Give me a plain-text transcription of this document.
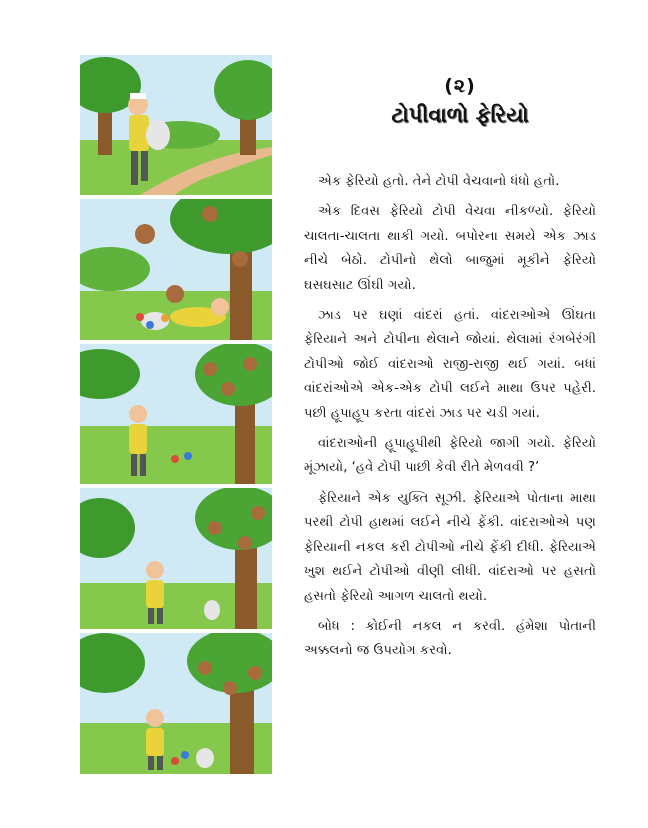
(૨)
ટોપીવાળો ફેરિયો

એક ફેરિયો હતો. તેને ટોપી વેચવાનો ધંધો હતો.

એક દિવસ ફેરિયો ટોપી વેચવા નીકળ્યો. ફેરિયો ચાલતા-ચાલતા થાકી ગયો. બપોરના સમયે એક ઝાડ નીચે બેઠો. ટોપીનો થેલો બાજુમાં મૂકીને ફેરિયો ઘસઘસાટ ઊંઘી ગયો.

ઝાડ પર ઘણાં વાંદરાં હતાં. વાંદરાઓએ ઊંઘતા ફેરિયાને અને ટોપીના થેલાને જોયાં. થેલામાં રંગબેરંગી ટોપીઓ જોઈ વાંદરાઓ રાજી-રાજી થઈ ગયાં. બધાં વાંદરાંઓએ એક-એક ટોપી લઈને માથા ઉપર પહેરી. પછી હૂપાહૂપ કરતા વાંદરાં ઝાડ પર ચડી ગયાં.

વાંદરાઓની હૂપાહૂપીથી ફેરિયો જાગી ગયો. ફેરિયો મૂંઝાયો, ‘હવે ટોપી પાછી કેવી રીતે મેળવવી ?’

ફેરિયાને એક યુક્તિ સૂઝી. ફેરિયાએ પોતાના માથા પરથી ટોપી હાથમાં લઈને નીચે ફેંકી. વાંદરાઓએ પણ ફેરિયાની નકલ કરી ટોપીઓ નીચે ફેંકી દીધી. ફેરિયાએ ખુશ થઈને ટોપીઓ વીણી લીધી. વાંદરાઓ પર હસતો હસતો ફેરિયો આગળ ચાલતો થયો.

બોધ : કોઈની નકલ ન કરવી. હંમેશા પોતાની અક્કલનો જ ઉપયોગ કરવો.
